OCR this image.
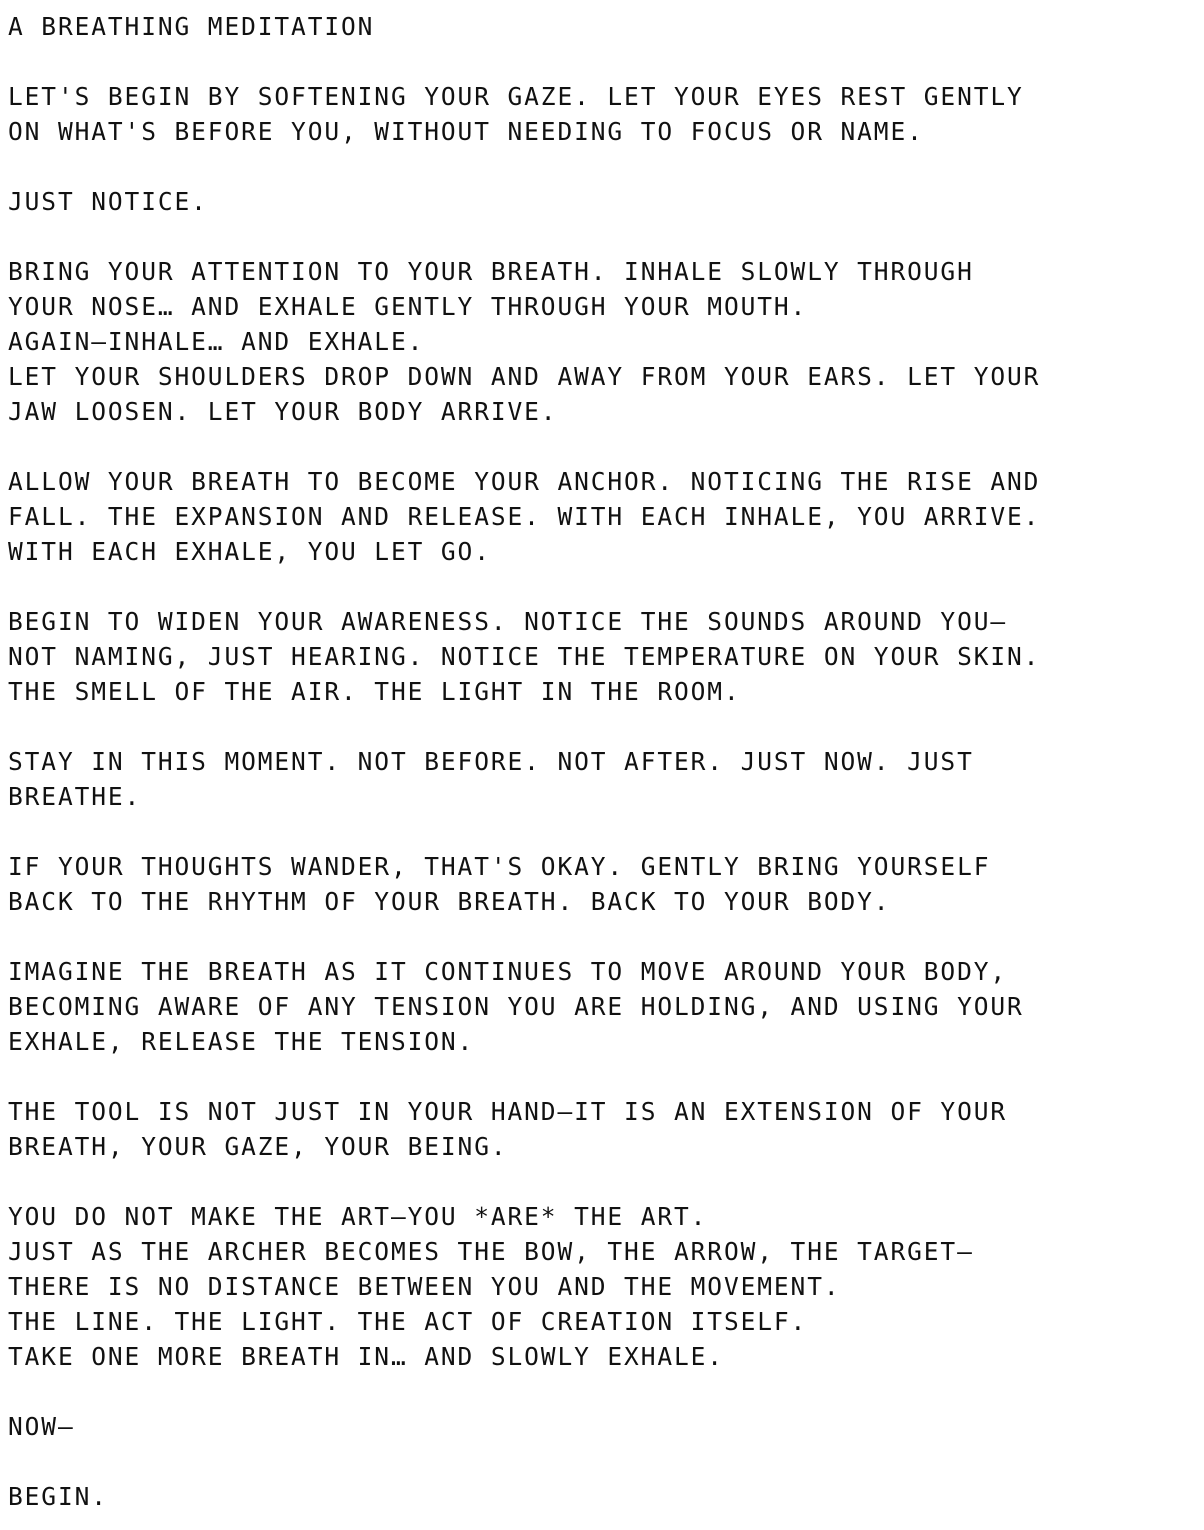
A BREATHING MEDITATION
LET'S BEGIN BY SOFTENING YOUR GAZE. LET YOUR EYES REST GENTLY
ON WHAT'S BEFORE YOU, WITHOUT NEEDING TO FOCUS OR NAME.
JUST NOTICE.
BRING YOUR ATTENTION TO YOUR BREATH. INHALE SLOWLY THROUGH
YOUR NOSE… AND EXHALE GENTLY THROUGH YOUR MOUTH.
AGAIN—INHALE… AND EXHALE.
LET YOUR SHOULDERS DROP DOWN AND AWAY FROM YOUR EARS. LET YOUR
JAW LOOSEN. LET YOUR BODY ARRIVE.
ALLOW YOUR BREATH TO BECOME YOUR ANCHOR. NOTICING THE RISE AND
FALL. THE EXPANSION AND RELEASE. WITH EACH INHALE, YOU ARRIVE.
WITH EACH EXHALE, YOU LET GO.
BEGIN TO WIDEN YOUR AWARENESS. NOTICE THE SOUNDS AROUND YOU—
NOT NAMING, JUST HEARING. NOTICE THE TEMPERATURE ON YOUR SKIN.
THE SMELL OF THE AIR. THE LIGHT IN THE ROOM.
STAY IN THIS MOMENT. NOT BEFORE. NOT AFTER. JUST NOW. JUST
BREATHE.
IF YOUR THOUGHTS WANDER, THAT'S OKAY. GENTLY BRING YOURSELF
BACK TO THE RHYTHM OF YOUR BREATH. BACK TO YOUR BODY.
IMAGINE THE BREATH AS IT CONTINUES TO MOVE AROUND YOUR BODY,
BECOMING AWARE OF ANY TENSION YOU ARE HOLDING, AND USING YOUR
EXHALE, RELEASE THE TENSION.
THE TOOL IS NOT JUST IN YOUR HAND—IT IS AN EXTENSION OF YOUR
BREATH, YOUR GAZE, YOUR BEING.
YOU DO NOT MAKE THE ART—YOU *ARE* THE ART.
JUST AS THE ARCHER BECOMES THE BOW, THE ARROW, THE TARGET—
THERE IS NO DISTANCE BETWEEN YOU AND THE MOVEMENT.
THE LINE. THE LIGHT. THE ACT OF CREATION ITSELF.
TAKE ONE MORE BREATH IN… AND SLOWLY EXHALE.
NOW—
BEGIN.
